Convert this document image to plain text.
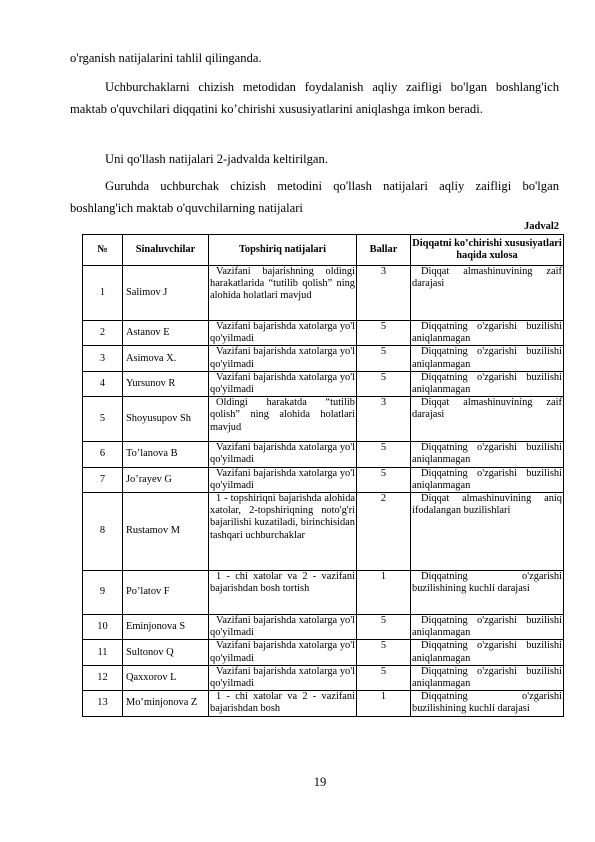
o'rganish natijalarini tahlil qilinganda.
Uchburchaklarni chizish metodidan foydalanish aqliy zaifligi bo'lgan boshlang'ich maktab o'quvchilari diqqatini ko’chirishi xususiyatlarini aniqlashga imkon beradi.
Uni qo'llash natijalari 2-jadvalda keltirilgan.
Guruhda uchburchak chizish metodini qo'llash natijalari aqliy zaifligi bo'lgan boshlang'ich maktab o'quvchilarning natijalari
Jadval2
№	Sinaluvchilar	Topshiriq natijalari	Ballar	Diqqatni ko’chirishi xususiyatlari haqida xulosa
1	Salimov J	Vazifani bajarishning oldingi harakatlarida “tutilib qolish” ning alohida holatlari mavjud	3	Diqqat almashinuvining zaif darajasi

2	Astanov E	Vazifani bajarishda xatolarga yo'l qo'yilmadi	5	Diqqatning o'zgarishi buzilishi aniqlanmagan

3	Asimova X.	Vazifani bajarishda xatolarga yo'l qo'yilmadi	5	Diqqatning o'zgarishi buzilishi aniqlanmagan

4	Yursunov R	Vazifani bajarishda xatolarga yo'l qo'yilmadi	5	Diqqatning o'zgarishi buzilishi aniqlanmagan

5	Shoyusupov Sh	Oldingi harakatda “tutilib qolish” ning alohida holatlari mavjud	3	Diqqat almashinuvining zaif darajasi

6	To’lanova B	Vazifani bajarishda xatolarga yo'l qo'yilmadi	5	Diqqatning o'zgarishi buzilishi aniqlanmagan

7	Jo’rayev G	Vazifani bajarishda xatolarga yo'l qo'yilmadi	5	Diqqatning o'zgarishi buzilishi aniqlanmagan

8	Rustamov M	1 - topshiriqni bajarishda alohida xatolar, 2-topshiriqning noto'g'ri bajarilishi kuzatiladi, birinchisidan tashqari uchburchaklar	2	Diqqat almashinuvining aniq ifodalangan buzilishlari

9	Po’latov F	1 - chi xatolar va 2 - vazifani bajarishdan bosh tortish	1	Diqqatning o'zgarishi buzilishining kuchli darajasi

10	Eminjonova S	Vazifani bajarishda xatolarga yo'l qo'yilmadi	5	Diqqatning o'zgarishi buzilishi aniqlanmagan

11	Sultonov Q	Vazifani bajarishda xatolarga yo'l qo'yilmadi	5	Diqqatning o'zgarishi buzilishi aniqlanmagan

12	Qaxxorov L	Vazifani bajarishda xatolarga yo'l qo'yilmadi	5	Diqqatning o'zgarishi buzilishi aniqlanmagan

13	Mo’minjonova Z	1 - chi xatolar va 2 - vazifani bajarishdan bosh	1	Diqqatning o'zgarishi buzilishining kuchli darajasi
19
